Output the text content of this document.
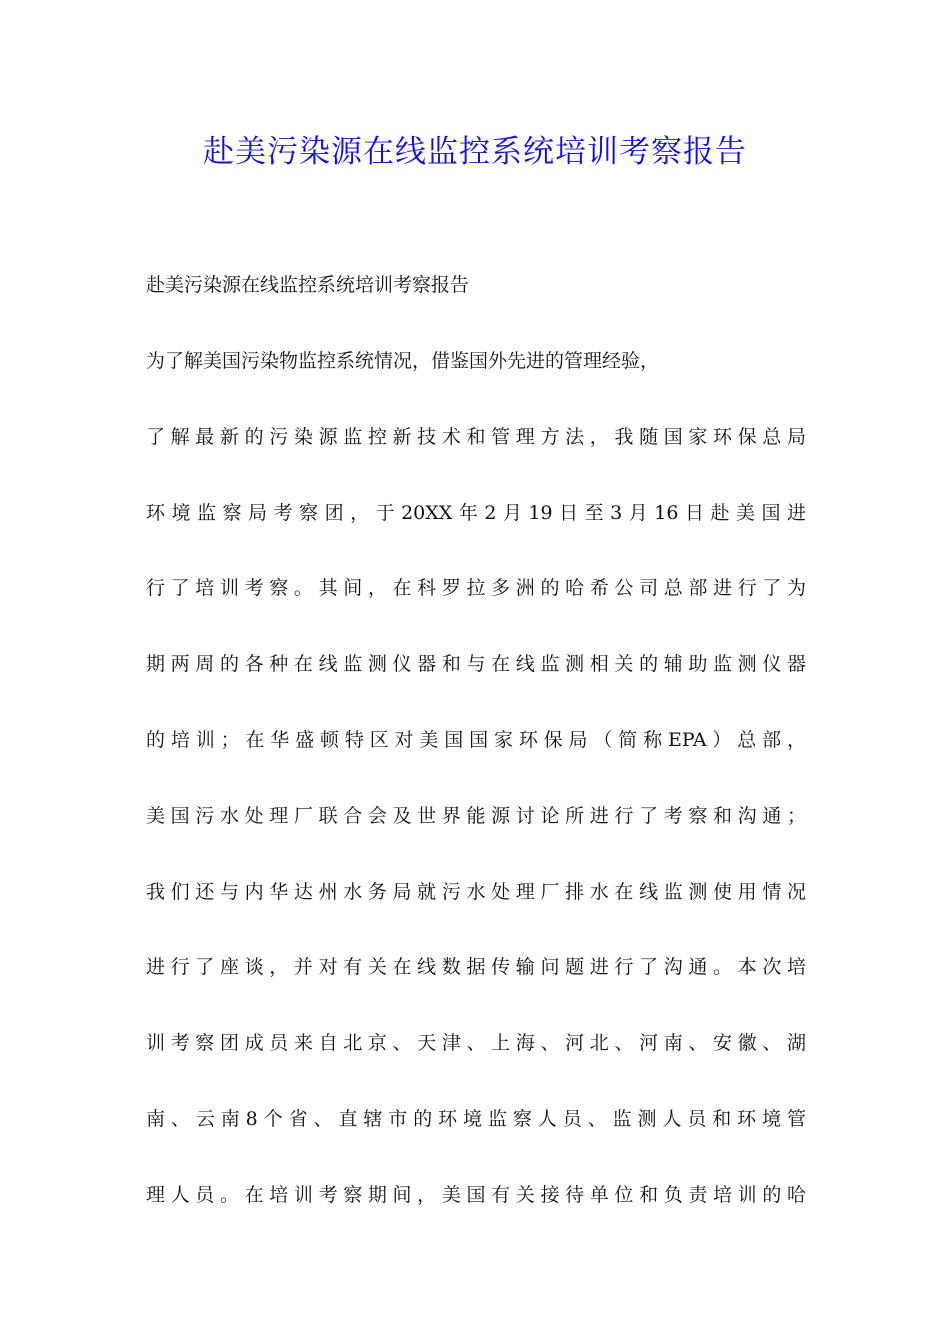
赴美污染源在线监控系统培训考察报告
赴美污染源在线监控系统培训考察报告
为了解美国污染物监控系统情况，借鉴国外先进的管理经验，
了解最新的污染源监控新技术和管理方法，我随国家环保总局
环境监察局考察团，于20XX年2月19日至3月16日赴美国进
行了培训考察。其间，在科罗拉多洲的哈希公司总部进行了为
期两周的各种在线监测仪器和与在线监测相关的辅助监测仪器
的培训；在华盛顿特区对美国国家环保局（简称EPA）总部，
美国污水处理厂联合会及世界能源讨论所进行了考察和沟通；
我们还与内华达州水务局就污水处理厂排水在线监测使用情况
进行了座谈，并对有关在线数据传输问题进行了沟通。本次培
训考察团成员来自北京、天津、上海、河北、河南、安徽、湖
南、云南8个省、直辖市的环境监察人员、监测人员和环境管
理人员。在培训考察期间，美国有关接待单位和负责培训的哈
